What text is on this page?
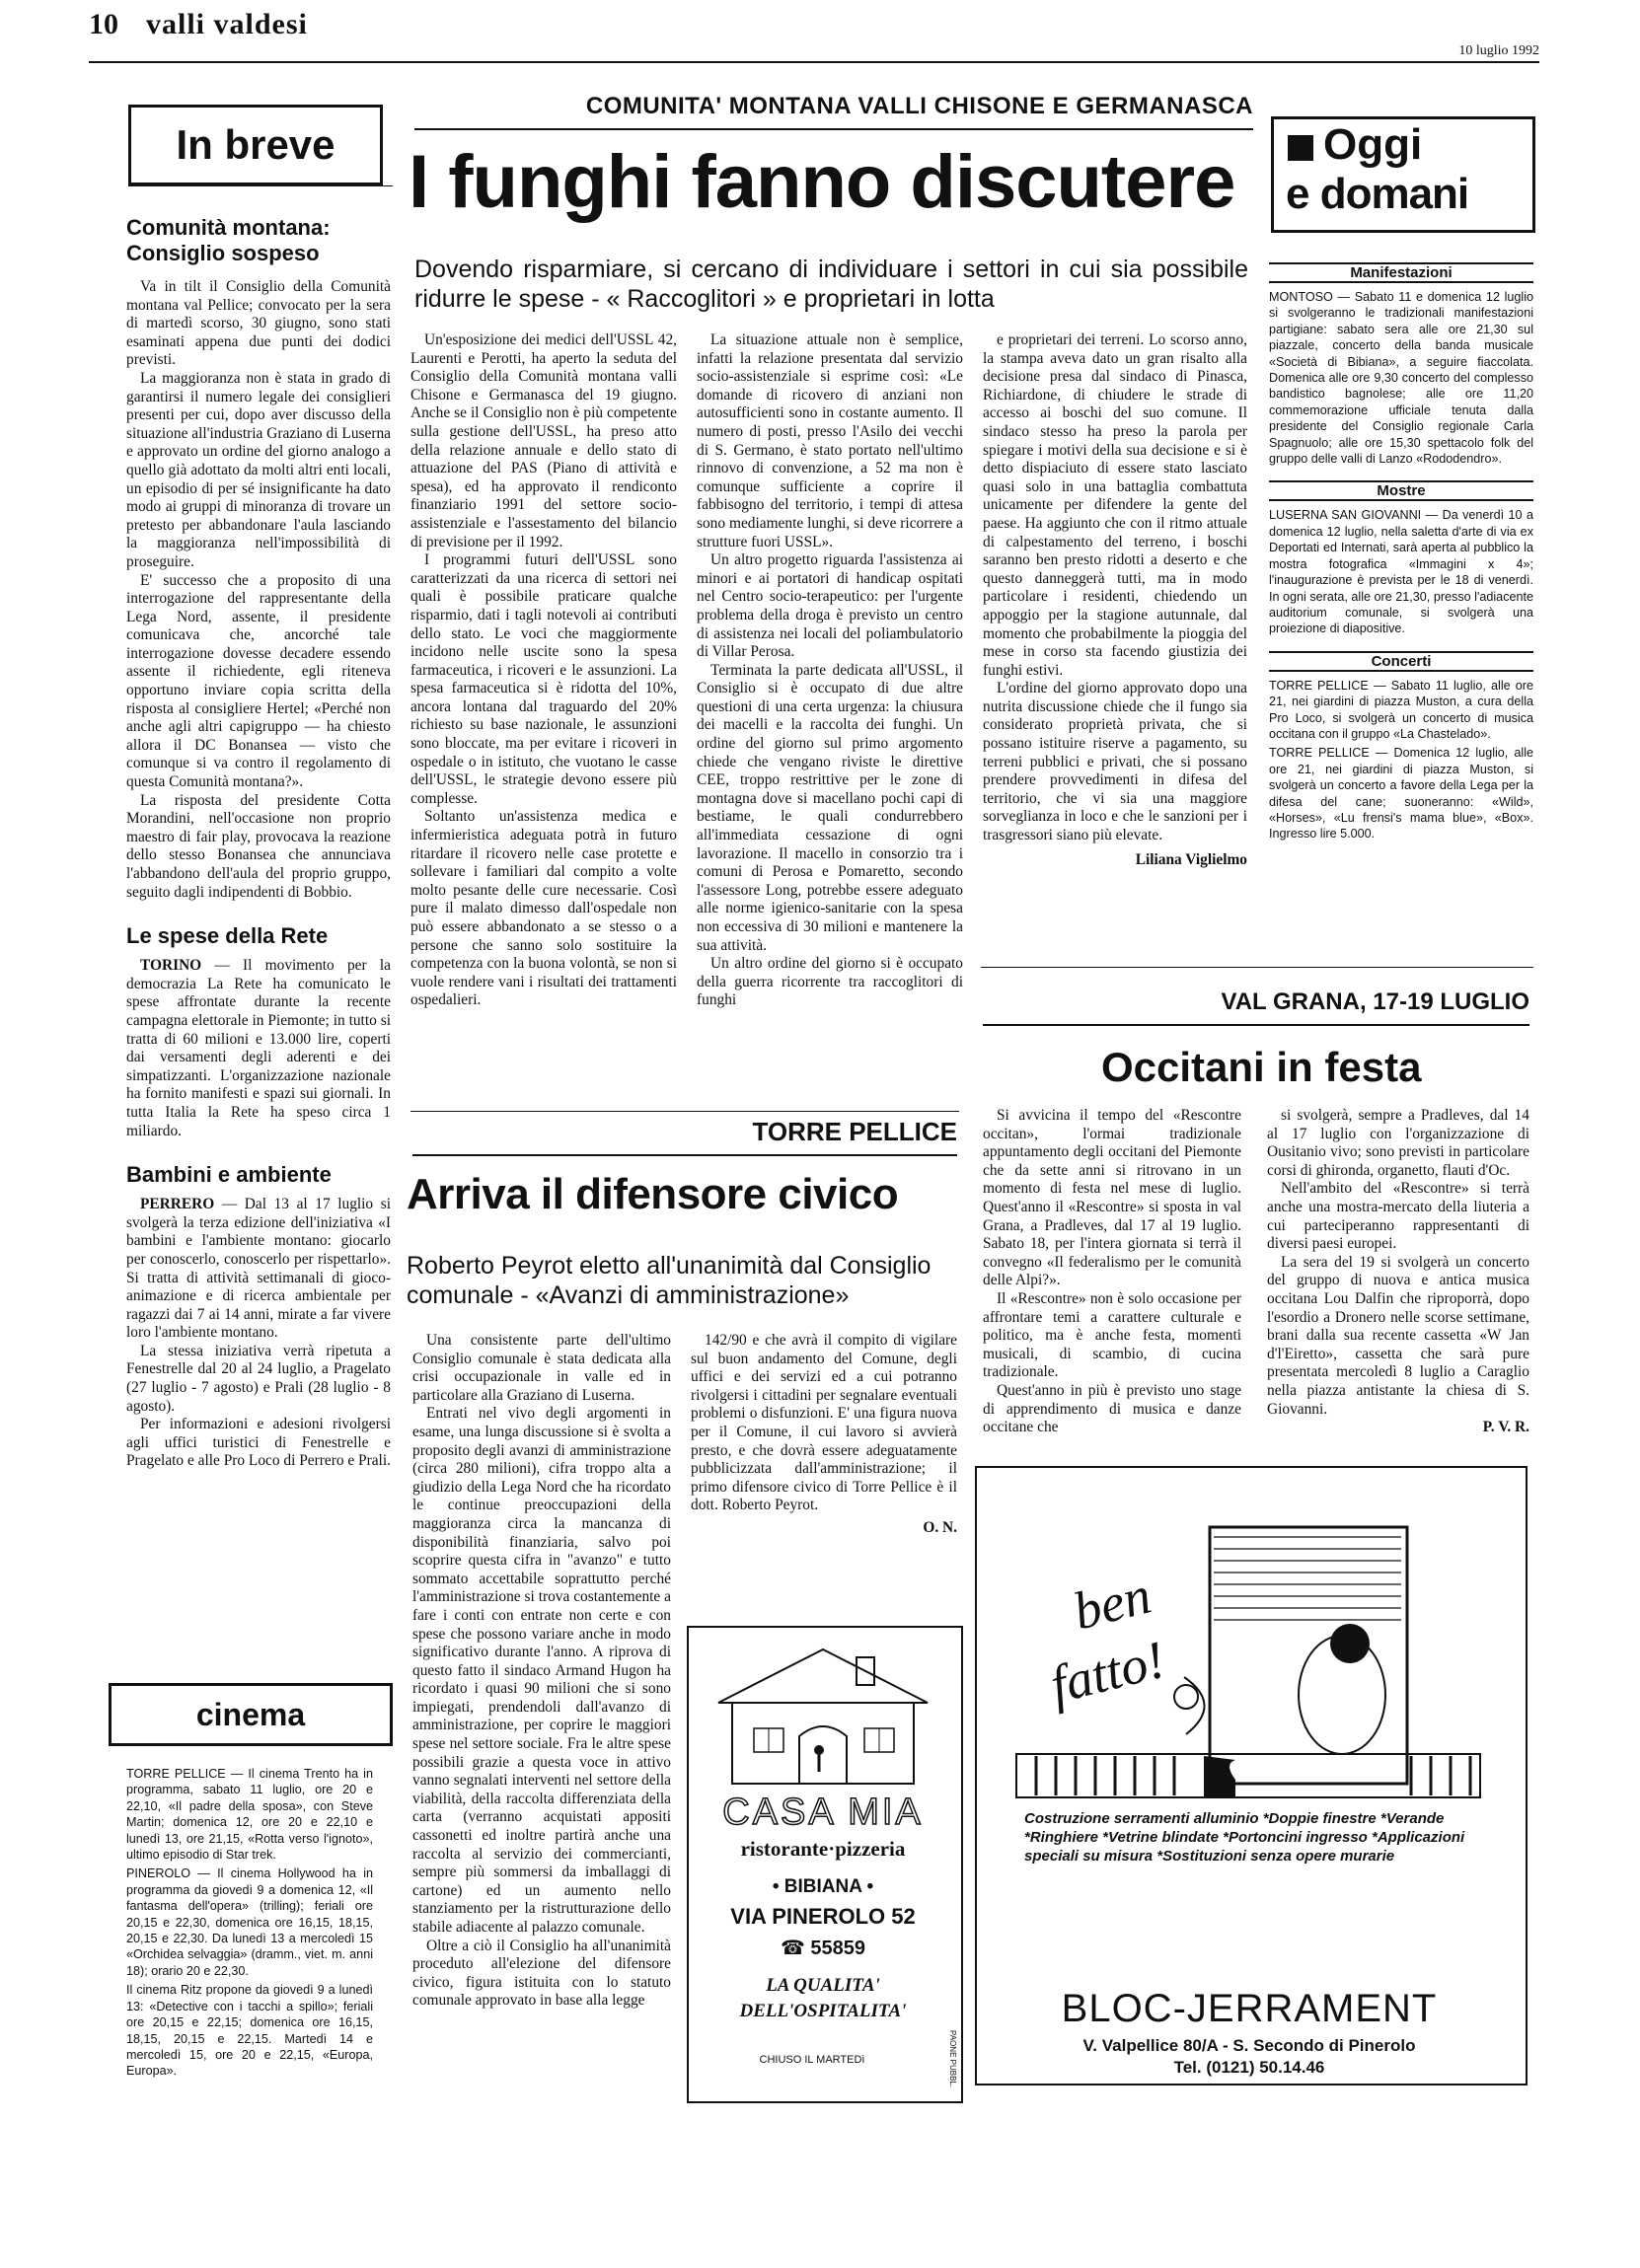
10 valli valdesi
10 luglio 1992
In breve
Comunità montana: Consiglio sospeso

Va in tilt il Consiglio della Comunità montana val Pellice; convocato per la sera di martedì scorso, 30 giugno, sono stati esaminati appena due punti dei dodici previsti.

La maggioranza non è stata in grado di garantirsi il numero legale dei consiglieri presenti per cui, dopo aver discusso della situazione all'industria Graziano di Luserna e approvato un ordine del giorno analogo a quello già adottato da molti altri enti locali, un episodio di per sé insignificante ha dato modo ai gruppi di minoranza di trovare un pretesto per abbandonare l'aula lasciando la maggioranza nell'impossibilità di proseguire.

E' successo che a proposito di una interrogazione del rappresentante della Lega Nord, assente, il presidente comunicava che, ancorché tale interrogazione dovesse decadere essendo assente il richiedente, egli riteneva opportuno inviare copia scritta della risposta al consigliere Hertel; «Perché non anche agli altri capigruppo — ha chiesto allora il DC Bonansea — visto che comunque si va contro il regolamento di questa Comunità montana?».

La risposta del presidente Cotta Morandini, nell'occasione non proprio maestro di fair play, provocava la reazione dello stesso Bonansea che annunciava l'abbandono dell'aula del proprio gruppo, seguito dagli indipendenti di Bobbio.

Le spese della Rete

TORINO — Il movimento per la democrazia La Rete ha comunicato le spese affrontate durante la recente campagna elettorale in Piemonte; in tutto si tratta di 60 milioni e 13.000 lire, coperti dai versamenti degli aderenti e dei simpatizzanti. L'organizzazione nazionale ha fornito manifesti e spazi sui giornali. In tutta Italia la Rete ha speso circa 1 miliardo.

Bambini e ambiente

PERRERO — Dal 13 al 17 luglio si svolgerà la terza edizione dell'iniziativa «I bambini e l'ambiente montano: giocarlo per conoscerlo, conoscerlo per rispettarlo». Si tratta di attività settimanali di gioco-animazione e di ricerca ambientale per ragazzi dai 7 ai 14 anni, mirate a far vivere loro l'ambiente montano.

La stessa iniziativa verrà ripetuta a Fenestrelle dal 20 al 24 luglio, a Pragelato (27 luglio - 7 agosto) e Prali (28 luglio - 8 agosto).

Per informazioni e adesioni rivolgersi agli uffici turistici di Fenestrelle e Pragelato e alle Pro Loco di Perrero e Prali.

cinema

TORRE PELLICE — Il cinema Trento ha in programma, sabato 11 luglio, ore 20 e 22,10, «Il padre della sposa», con Steve Martin; domenica 12, ore 20 e 22,10 e lunedì 13, ore 21,15, «Rotta verso l'ignoto», ultimo episodio di Star trek.

PINEROLO — Il cinema Hollywood ha in programma da giovedì 9 a domenica 12, «Il fantasma dell'opera» (trilling); feriali ore 20,15 e 22,30, domenica ore 16,15, 18,15, 20,15 e 22,30. Da lunedì 13 a mercoledì 15 «Orchidea selvaggia» (dramm., viet. m. anni 18); orario 20 e 22,30.

Il cinema Ritz propone da giovedì 9 a lunedì 13: «Detective con i tacchi a spillo»; feriali ore 20,15 e 22,15; domenica ore 16,15, 18,15, 20,15 e 22,15. Martedì 14 e mercoledì 15, ore 20 e 22,15, «Europa, Europa».

COMUNITA' MONTANA VALLI CHISONE E GERMANASCA
I funghi fanno discutere
Dovendo risparmiare, si cercano di individuare i settori in cui sia possibile ridurre le spese - « Raccoglitori » e proprietari in lotta

Un'esposizione dei medici dell'USSL 42, Laurenti e Perotti, ha aperto la seduta del Consiglio della Comunità montana valli Chisone e Germanasca del 19 giugno. Anche se il Consiglio non è più competente sulla gestione dell'USSL, ha preso atto della relazione annuale e dello stato di attuazione del PAS (Piano di attività e spesa), ed ha approvato il rendiconto finanziario 1991 del settore socio-assistenziale e l'assestamento del bilancio di previsione per il 1992.

I programmi futuri dell'USSL sono caratterizzati da una ricerca di settori nei quali è possibile praticare qualche risparmio, dati i tagli notevoli ai contributi dello stato. Le voci che maggiormente incidono nelle uscite sono la spesa farmaceutica, i ricoveri e le assunzioni. La spesa farmaceutica si è ridotta del 10%, ancora lontana dal traguardo del 20% richiesto su base nazionale, le assunzioni sono bloccate, ma per evitare i ricoveri in ospedale o in istituto, che vuotano le casse dell'USSL, le strategie devono essere più complesse.

Soltanto un'assistenza medica e infermieristica adeguata potrà in futuro ritardare il ricovero nelle case protette e sollevare i familiari dal compito a volte molto pesante delle cure necessarie. Così pure il malato dimesso dall'ospedale non può essere abbandonato a se stesso o a persone che sanno solo sostituire la competenza con la buona volontà, se non si vuole rendere vani i risultati dei trattamenti ospedalieri.

La situazione attuale non è semplice, infatti la relazione presentata dal servizio socio-assistenziale si esprime così: «Le domande di ricovero di anziani non autosufficienti sono in costante aumento. Il numero di posti, presso l'Asilo dei vecchi di S. Germano, è stato portato nell'ultimo rinnovo di convenzione, a 52 ma non è comunque sufficiente a coprire il fabbisogno del territorio, i tempi di attesa sono mediamente lunghi, si deve ricorrere a strutture fuori USSL».

Un altro progetto riguarda l'assistenza ai minori e ai portatori di handicap ospitati nel Centro socio-terapeutico: per l'urgente problema della droga è previsto un centro di assistenza nei locali del poliambulatorio di Villar Perosa.

Terminata la parte dedicata all'USSL, il Consiglio si è occupato di due altre questioni di una certa urgenza: la chiusura dei macelli e la raccolta dei funghi. Un ordine del giorno sul primo argomento chiede che vengano riviste le direttive CEE, troppo restrittive per le zone di montagna dove si macellano pochi capi di bestiame, le quali condurrebbero all'immediata cessazione di ogni lavorazione. Il macello in consorzio tra i comuni di Perosa e Pomaretto, secondo l'assessore Long, potrebbe essere adeguato alle norme igienico-sanitarie con la spesa non eccessiva di 30 milioni e mantenere la sua attività.

Un altro ordine del giorno si è occupato della guerra ricorrente tra raccoglitori di funghi

e proprietari dei terreni. Lo scorso anno, la stampa aveva dato un gran risalto alla decisione presa dal sindaco di Pinasca, Richiardone, di chiudere le strade di accesso ai boschi del suo comune. Il sindaco stesso ha preso la parola per spiegare i motivi della sua decisione e si è detto dispiaciuto di essere stato lasciato quasi solo in una battaglia combattuta unicamente per difendere la gente del paese. Ha aggiunto che con il ritmo attuale di calpestamento del terreno, i boschi saranno ben presto ridotti a deserto e che questo danneggerà tutti, ma in modo particolare i residenti, chiedendo un appoggio per la stagione autunnale, dal momento che probabilmente la pioggia del mese in corso sta facendo giustizia dei funghi estivi.

L'ordine del giorno approvato dopo una nutrita discussione chiede che il fungo sia considerato proprietà privata, che si possano istituire riserve a pagamento, su terreni pubblici e privati, che si possano prendere provvedimenti in difesa del territorio, che vi sia una maggiore sorveglianza in loco e che le sanzioni per i trasgressori siano più elevate.

Liliana Viglielmo
Oggi
e domani
Manifestazioni

MONTOSO — Sabato 11 e domenica 12 luglio si svolgeranno le tradizionali manifestazioni partigiane: sabato sera alle ore 21,30 sul piazzale, concerto della banda musicale «Società di Bibiana», a seguire fiaccolata. Domenica alle ore 9,30 concerto del complesso bandistico bagnolese; alle ore 11,20 commemorazione ufficiale tenuta dalla presidente del Consiglio regionale Carla Spagnuolo; alle ore 15,30 spettacolo folk del gruppo delle valli di Lanzo «Rododendro».

Mostre

LUSERNA SAN GIOVANNI — Da venerdì 10 a domenica 12 luglio, nella saletta d'arte di via ex Deportati ed Internati, sarà aperta al pubblico la mostra fotografica «Immagini x 4»; l'inaugurazione è prevista per le 18 di venerdì. In ogni serata, alle ore 21,30, presso l'adiacente auditorium comunale, si svolgerà una proiezione di diapositive.

Concerti

TORRE PELLICE — Sabato 11 luglio, alle ore 21, nei giardini di piazza Muston, a cura della Pro Loco, si svolgerà un concerto di musica occitana con il gruppo «La Chastelado».

TORRE PELLICE — Domenica 12 luglio, alle ore 21, nei giardini di piazza Muston, si svolgerà un concerto a favore della Lega per la difesa del cane; suoneranno: «Wild», «Horses», «Lu frensi's mama blue», «Box». Ingresso lire 5.000.

VAL GRANA, 17-19 LUGLIO
Occitani in festa

Si avvicina il tempo del «Rescontre occitan», l'ormai tradizionale appuntamento degli occitani del Piemonte che da sette anni si ritrovano in un momento di festa nel mese di luglio. Quest'anno il «Rescontre» si sposta in val Grana, a Pradleves, dal 17 al 19 luglio. Sabato 18, per l'intera giornata si terrà il convegno «Il federalismo per le comunità delle Alpi?».

Il «Rescontre» non è solo occasione per affrontare temi a carattere culturale e politico, ma è anche festa, momenti musicali, di scambio, di cucina tradizionale.

Quest'anno in più è previsto uno stage di apprendimento di musica e danze occitane che

si svolgerà, sempre a Pradleves, dal 14 al 17 luglio con l'organizzazione di Ousitanio vivo; sono previsti in particolare corsi di ghironda, organetto, flauti d'Oc.

Nell'ambito del «Rescontre» si terrà anche una mostra-mercato della liuteria a cui parteciperanno rappresentanti di diversi paesi europei.

La sera del 19 si svolgerà un concerto del gruppo di nuova e antica musica occitana Lou Dalfin che riproporrà, dopo l'esordio a Dronero nelle scorse settimane, brani dalla sua recente cassetta «W Jan d'l'Eiretto», cassetta che sarà pure presentata mercoledì 8 luglio a Caraglio nella piazza antistante la chiesa di S. Giovanni.

P. V. R.
TORRE PELLICE
Arriva il difensore civico
Roberto Peyrot eletto all'unanimità dal Consiglio comunale - «Avanzi di amministrazione»

Una consistente parte dell'ultimo Consiglio comunale è stata dedicata alla crisi occupazionale in valle ed in particolare alla Graziano di Luserna.

Entrati nel vivo degli argomenti in esame, una lunga discussione si è svolta a proposito degli avanzi di amministrazione (circa 280 milioni), cifra troppo alta a giudizio della Lega Nord che ha ricordato le continue preoccupazioni della maggioranza circa la mancanza di disponibilità finanziaria, salvo poi scoprire questa cifra in "avanzo" e tutto sommato accettabile soprattutto perché l'amministrazione si trova costantemente a fare i conti con entrate non certe e con spese che possono variare anche in modo significativo durante l'anno. A riprova di questo fatto il sindaco Armand Hugon ha ricordato i quasi 90 milioni che si sono impiegati, prendendoli dall'avanzo di amministrazione, per coprire le maggiori spese nel settore sociale. Fra le altre spese possibili grazie a questa voce in attivo vanno segnalati interventi nel settore della viabilità, della raccolta differenziata della carta (verranno acquistati appositi cassonetti ed inoltre partirà anche una raccolta al servizio dei commercianti, sempre più sommersi da imballaggi di cartone) ed un aumento nello stanziamento per la ristrutturazione dello stabile adiacente al palazzo comunale.

Oltre a ciò il Consiglio ha all'unanimità proceduto all'elezione del difensore civico, figura istituita con lo statuto comunale approvato in base alla legge

142/90 e che avrà il compito di vigilare sul buon andamento del Comune, degli uffici e dei servizi ed a cui potranno rivolgersi i cittadini per segnalare eventuali problemi o disfunzioni. E' una figura nuova per il Comune, il cui lavoro si avvierà presto, e che dovrà essere adeguatamente pubblicizzata dall'amministrazione; il primo difensore civico di Torre Pellice è il dott. Roberto Peyrot.

O. N.
CASA MIA
ristorante·pizzeria
• BIBIANA •
VIA PINEROLO 52
☎ 55859
LA QUALITA'
DELL'OSPITALITA'
CHIUSO IL MARTEDì	PAONE PUBBL.
ben
fatto!
Costruzione serramenti alluminio *Doppie finestre *Verande *Ringhiere *Vetrine blindate *Portoncini ingresso *Applicazioni speciali su misura *Sostituzioni senza opere murarie
BLOC-JERRAMENT
V. Valpellice 80/A - S. Secondo di Pinerolo
Tel. (0121) 50.14.46
